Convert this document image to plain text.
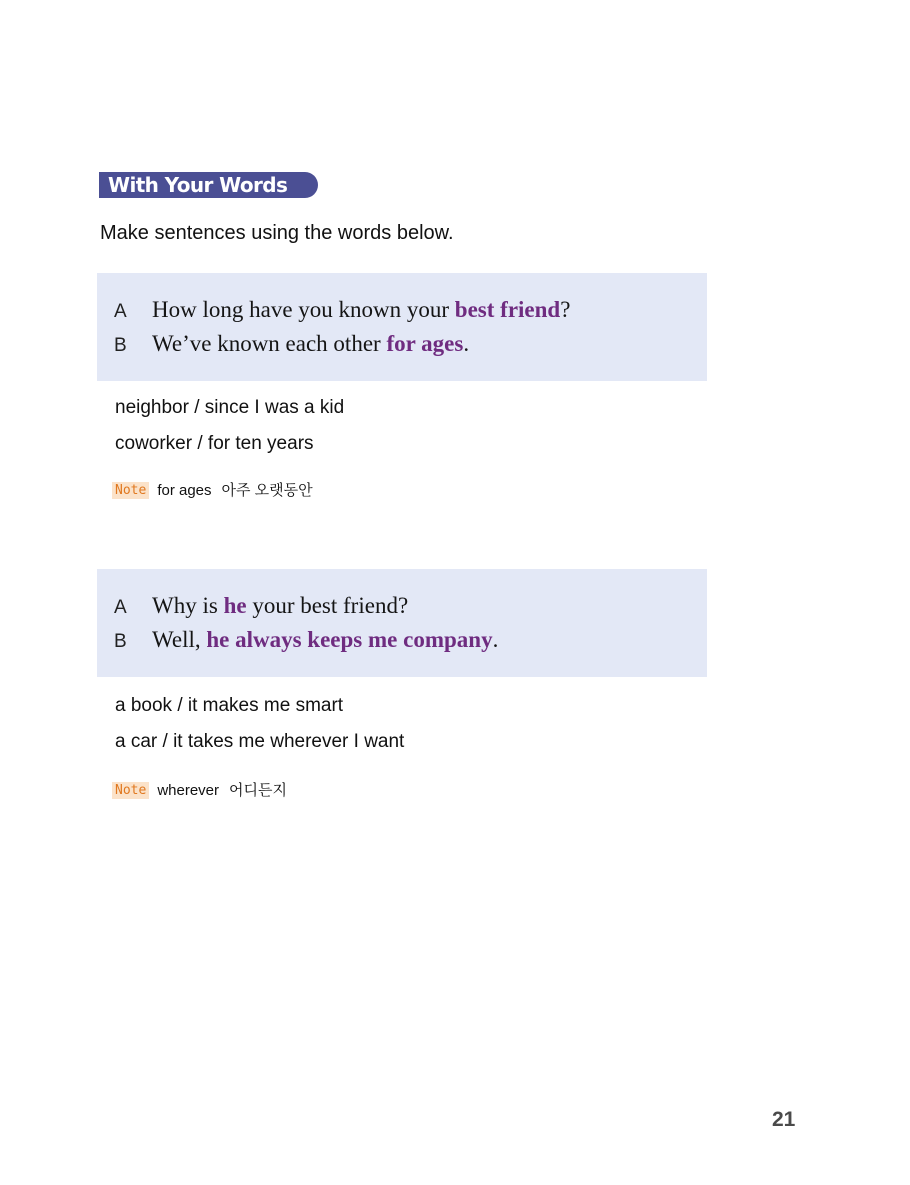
With Your Words
Make sentences using the words below.
A How long have you known your best friend?
B We’ve known each other for ages.
neighbor / since I was a kid
coworker / for ten years
Note for ages 아주 오랫동안
A Why is he your best friend?
B Well, he always keeps me company.
a book / it makes me smart
a car / it takes me wherever I want
Note wherever 어디든지
21
